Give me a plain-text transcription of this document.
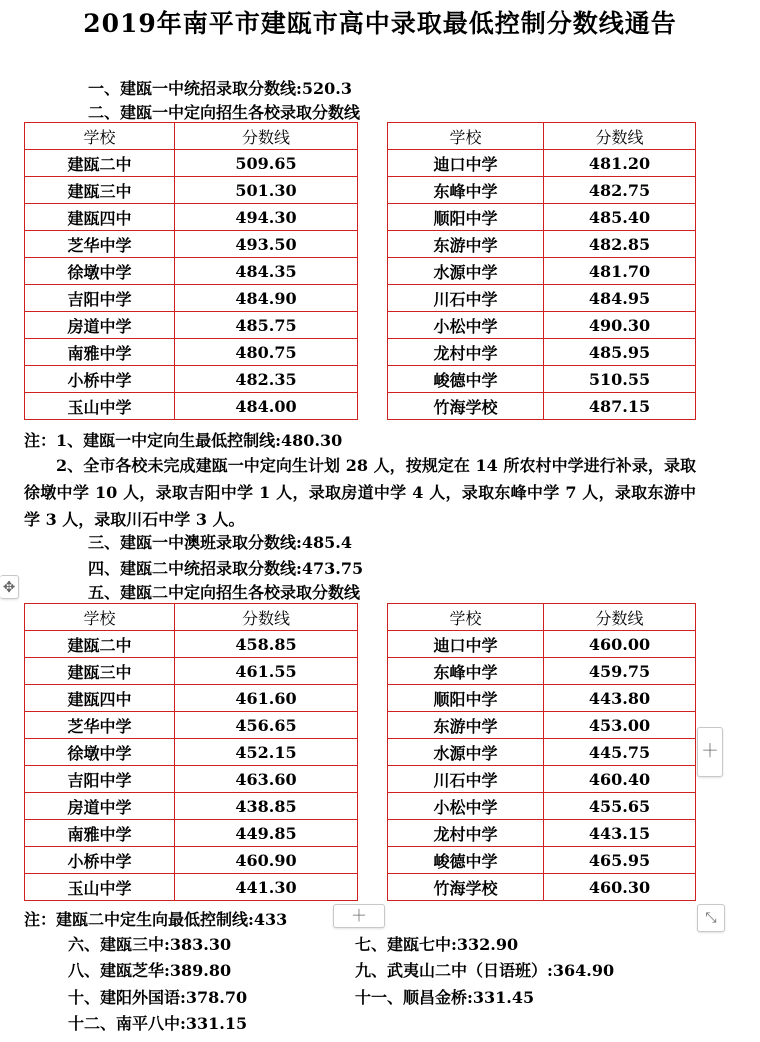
2019年南平市建瓯市高中录取最低控制分数线通告
一、建瓯一中统招录取分数线:520.3
二、建瓯一中定向招生各校录取分数线
学校	分数线		学校	分数线
建瓯二中	509.65		迪口中学	481.20
建瓯三中	501.30		东峰中学	482.75
建瓯四中	494.30		顺阳中学	485.40
芝华中学	493.50		东游中学	482.85
徐墩中学	484.35		水源中学	481.70
吉阳中学	484.90		川石中学	484.95
房道中学	485.75		小松中学	490.30
南雅中学	480.75		龙村中学	485.95
小桥中学	482.35		峻德中学	510.55
玉山中学	484.00		竹海学校	487.15
注：1、建瓯一中定向生最低控制线:480.30
2、全市各校未完成建瓯一中定向生计划 28 人，按规定在 14 所农村中学进行补录，录取徐墩中学 10 人，录取吉阳中学 1 人，录取房道中学 4 人，录取东峰中学 7 人，录取东游中学 3 人，录取川石中学 3 人。
三、建瓯一中澳班录取分数线:485.4
四、建瓯二中统招录取分数线:473.75
五、建瓯二中定向招生各校录取分数线
✥
学校	分数线		学校	分数线
建瓯二中	458.85		迪口中学	460.00
建瓯三中	461.55		东峰中学	459.75
建瓯四中	461.60		顺阳中学	443.80
芝华中学	456.65		东游中学	453.00
徐墩中学	452.15		水源中学	445.75
吉阳中学	463.60		川石中学	460.40
房道中学	438.85		小松中学	455.65
南雅中学	449.85		龙村中学	443.15
小桥中学	460.90		峻德中学	465.95
玉山中学	441.30		竹海学校	460.30
＋
注：建瓯二中定生向最低控制线:433	＋	⤡
六、建瓯三中:383.30	七、建瓯七中:332.90
八、建瓯芝华:389.80	九、武夷山二中（日语班）:364.90
十、建阳外国语:378.70	十一、顺昌金桥:331.45
十二、南平八中:331.15
